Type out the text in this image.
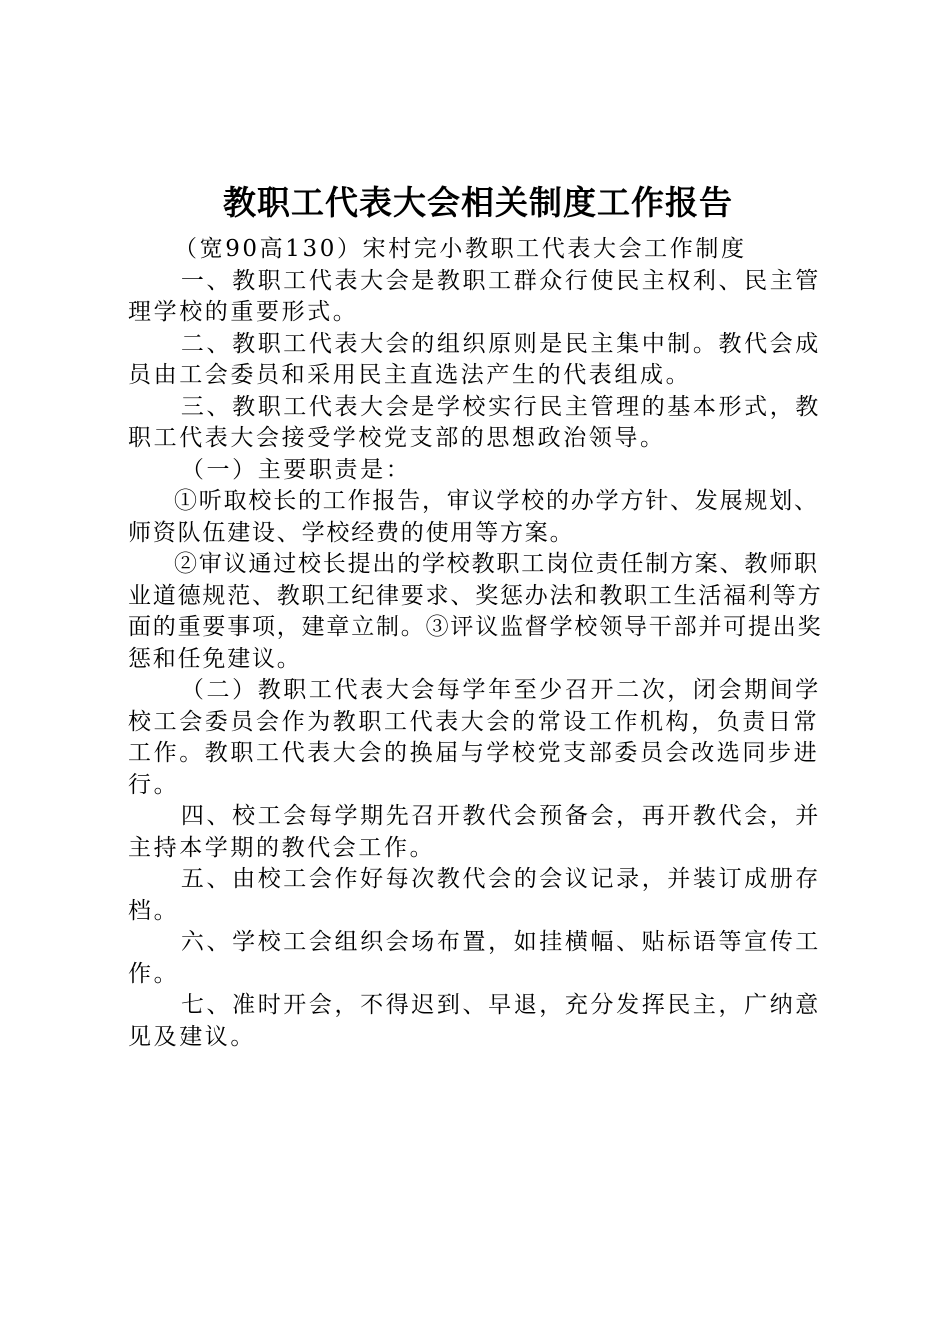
教职工代表大会相关制度工作报告

（宽90高130）宋村完小教职工代表大会工作制度

一、教职工代表大会是教职工群众行使民主权利、民主管理学校的重要形式。

二、教职工代表大会的组织原则是民主集中制。教代会成员由工会委员和采用民主直选法产生的代表组成。

三、教职工代表大会是学校实行民主管理的基本形式，教职工代表大会接受学校党支部的思想政治领导。

（一）主要职责是：

①听取校长的工作报告，审议学校的办学方针、发展规划、师资队伍建设、学校经费的使用等方案。

②审议通过校长提出的学校教职工岗位责任制方案、教师职业道德规范、教职工纪律要求、奖惩办法和教职工生活福利等方面的重要事项，建章立制。③评议监督学校领导干部并可提出奖惩和任免建议。

（二）教职工代表大会每学年至少召开二次，闭会期间学校工会委员会作为教职工代表大会的常设工作机构，负责日常工作。教职工代表大会的换届与学校党支部委员会改选同步进行。

四、校工会每学期先召开教代会预备会，再开教代会，并主持本学期的教代会工作。

五、由校工会作好每次教代会的会议记录，并装订成册存档。

六、学校工会组织会场布置，如挂横幅、贴标语等宣传工作。

七、准时开会，不得迟到、早退，充分发挥民主，广纳意见及建议。
